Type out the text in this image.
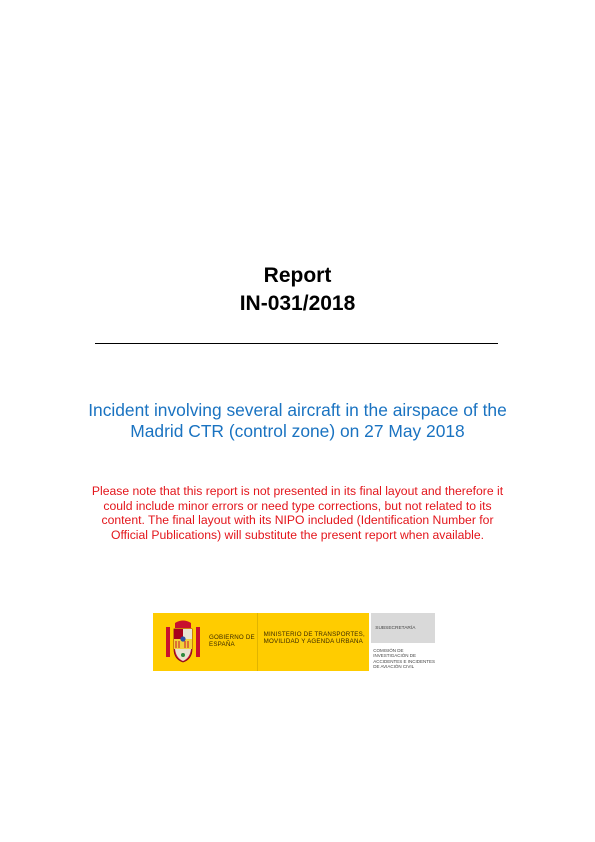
Report
IN-031/2018
Incident involving several aircraft in the airspace of the Madrid CTR (control zone) on 27 May 2018
Please note that this report is not presented in its final layout and therefore it could include minor errors or need type corrections, but not related to its content. The final layout with its NIPO included (Identification Number for Official Publications) will substitute the present report when available.
GOBIERNO DE ESPAÑA
MINISTERIO DE TRANSPORTES, MOVILIDAD Y AGENDA URBANA
SUBSECRETARÍA
COMISIÓN DE INVESTIGACIÓN DE ACCIDENTES E INCIDENTES DE AVIACIÓN CIVIL
